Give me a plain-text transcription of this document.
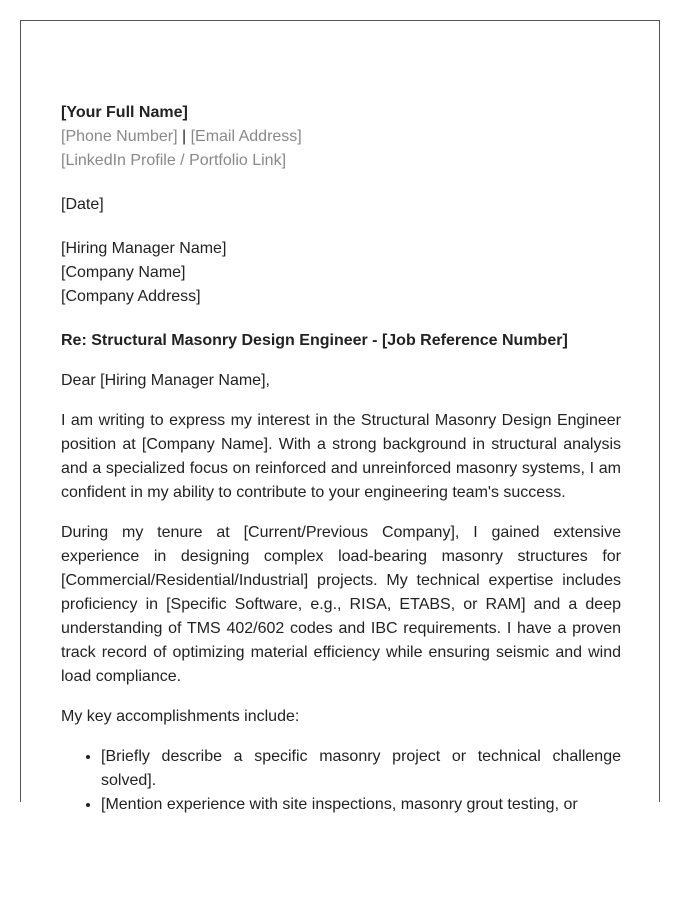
[Your Full Name]
[Phone Number] | [Email Address]
[LinkedIn Profile / Portfolio Link]
[Date]
[Hiring Manager Name]
[Company Name]
[Company Address]
Re: Structural Masonry Design Engineer - [Job Reference Number]
Dear [Hiring Manager Name],

I am writing to express my interest in the Structural Masonry Design Engineer position at [Company Name]. With a strong background in structural analysis and a specialized focus on reinforced and unreinforced masonry systems, I am confident in my ability to contribute to your engineering team's success.

During my tenure at [Current/Previous Company], I gained extensive experience in designing complex load-bearing masonry structures for [Commercial/Residential/Industrial] projects. My technical expertise includes proficiency in [Specific Software, e.g., RISA, ETABS, or RAM] and a deep understanding of TMS 402/602 codes and IBC requirements. I have a proven track record of optimizing material efficiency while ensuring seismic and wind load compliance.

My key accomplishments include:
• [Briefly describe a specific masonry project or technical challenge solved].
• [Mention experience with site inspections, masonry grout testing, or
